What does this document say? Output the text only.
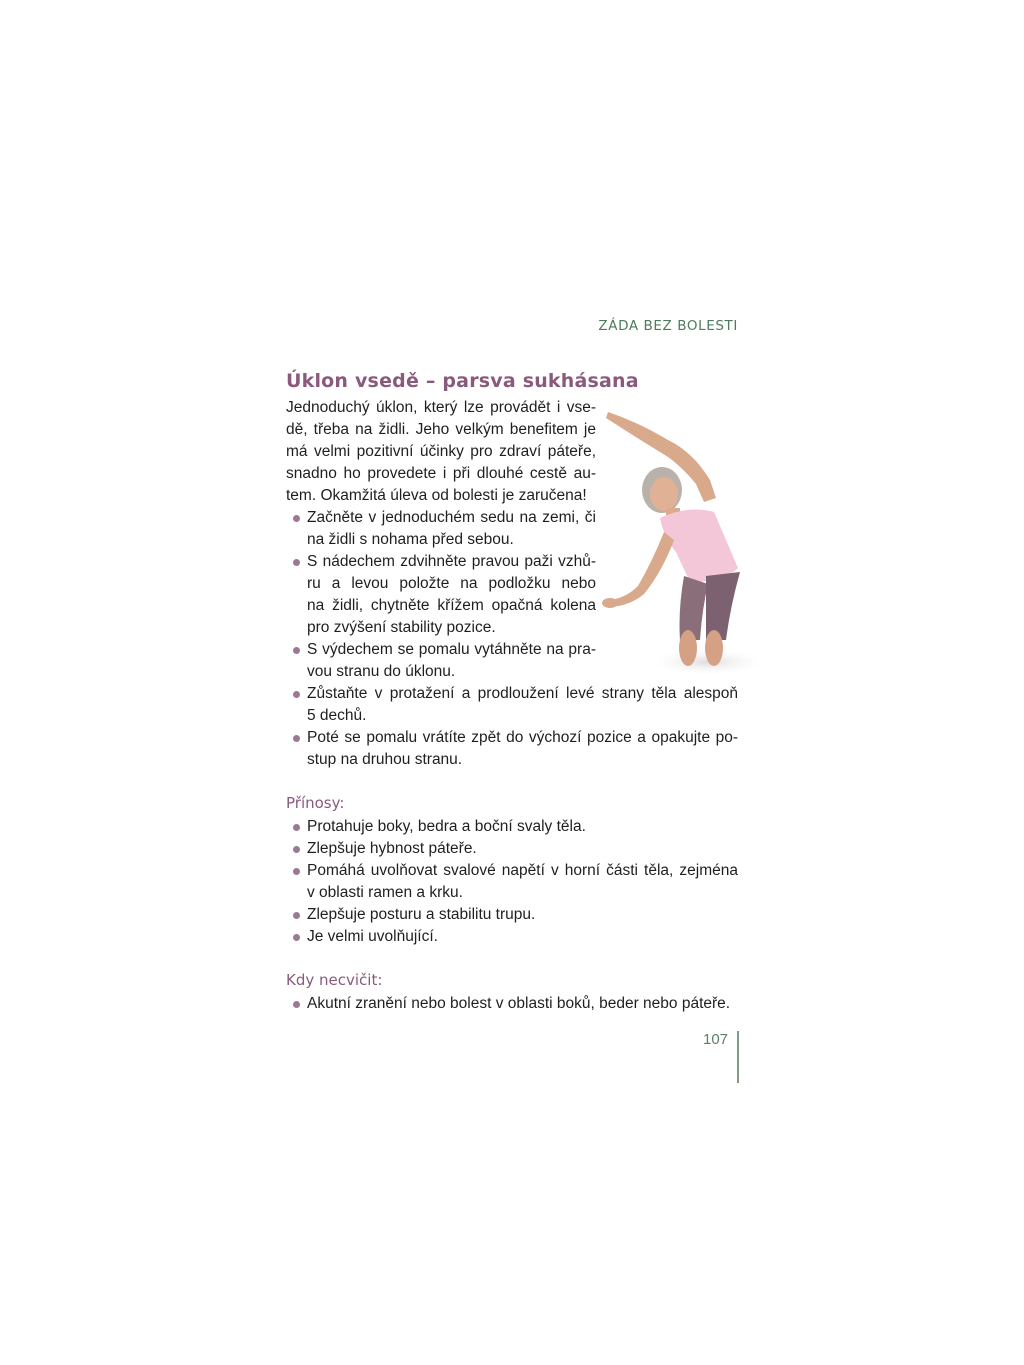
ZÁDA BEZ BOLESTI
Úklon vsedě – parsva sukhásana
Jednoduchý úklon, který lze provádět i vse-
dě, třeba na židli. Jeho velkým benefitem je
má velmi pozitivní účinky pro zdraví páteře,
snadno ho provedete i při dlouhé cestě au-
tem. Okamžitá úleva od bolesti je zaručena!
Začněte v jednoduchém sedu na zemi, či
na židli s nohama před sebou.
S nádechem zdvihněte pravou paži vzhů-
ru a levou položte na podložku nebo
na židli, chytněte křížem opačná kolena
pro zvýšení stability pozice.
S výdechem se pomalu vytáhněte na pra-
vou stranu do úklonu.
Zůstaňte v protažení a prodloužení levé strany těla alespoň
5 dechů.
Poté se pomalu vrátíte zpět do výchozí pozice a opakujte po-
stup na druhou stranu.
Přínosy:
Protahuje boky, bedra a boční svaly těla.
Zlepšuje hybnost páteře.
Pomáhá uvolňovat svalové napětí v horní části těla, zejména
v oblasti ramen a krku.
Zlepšuje posturu a stabilitu trupu.
Je velmi uvolňující.
Kdy necvičit:
Akutní zranění nebo bolest v oblasti boků, beder nebo páteře.
107
